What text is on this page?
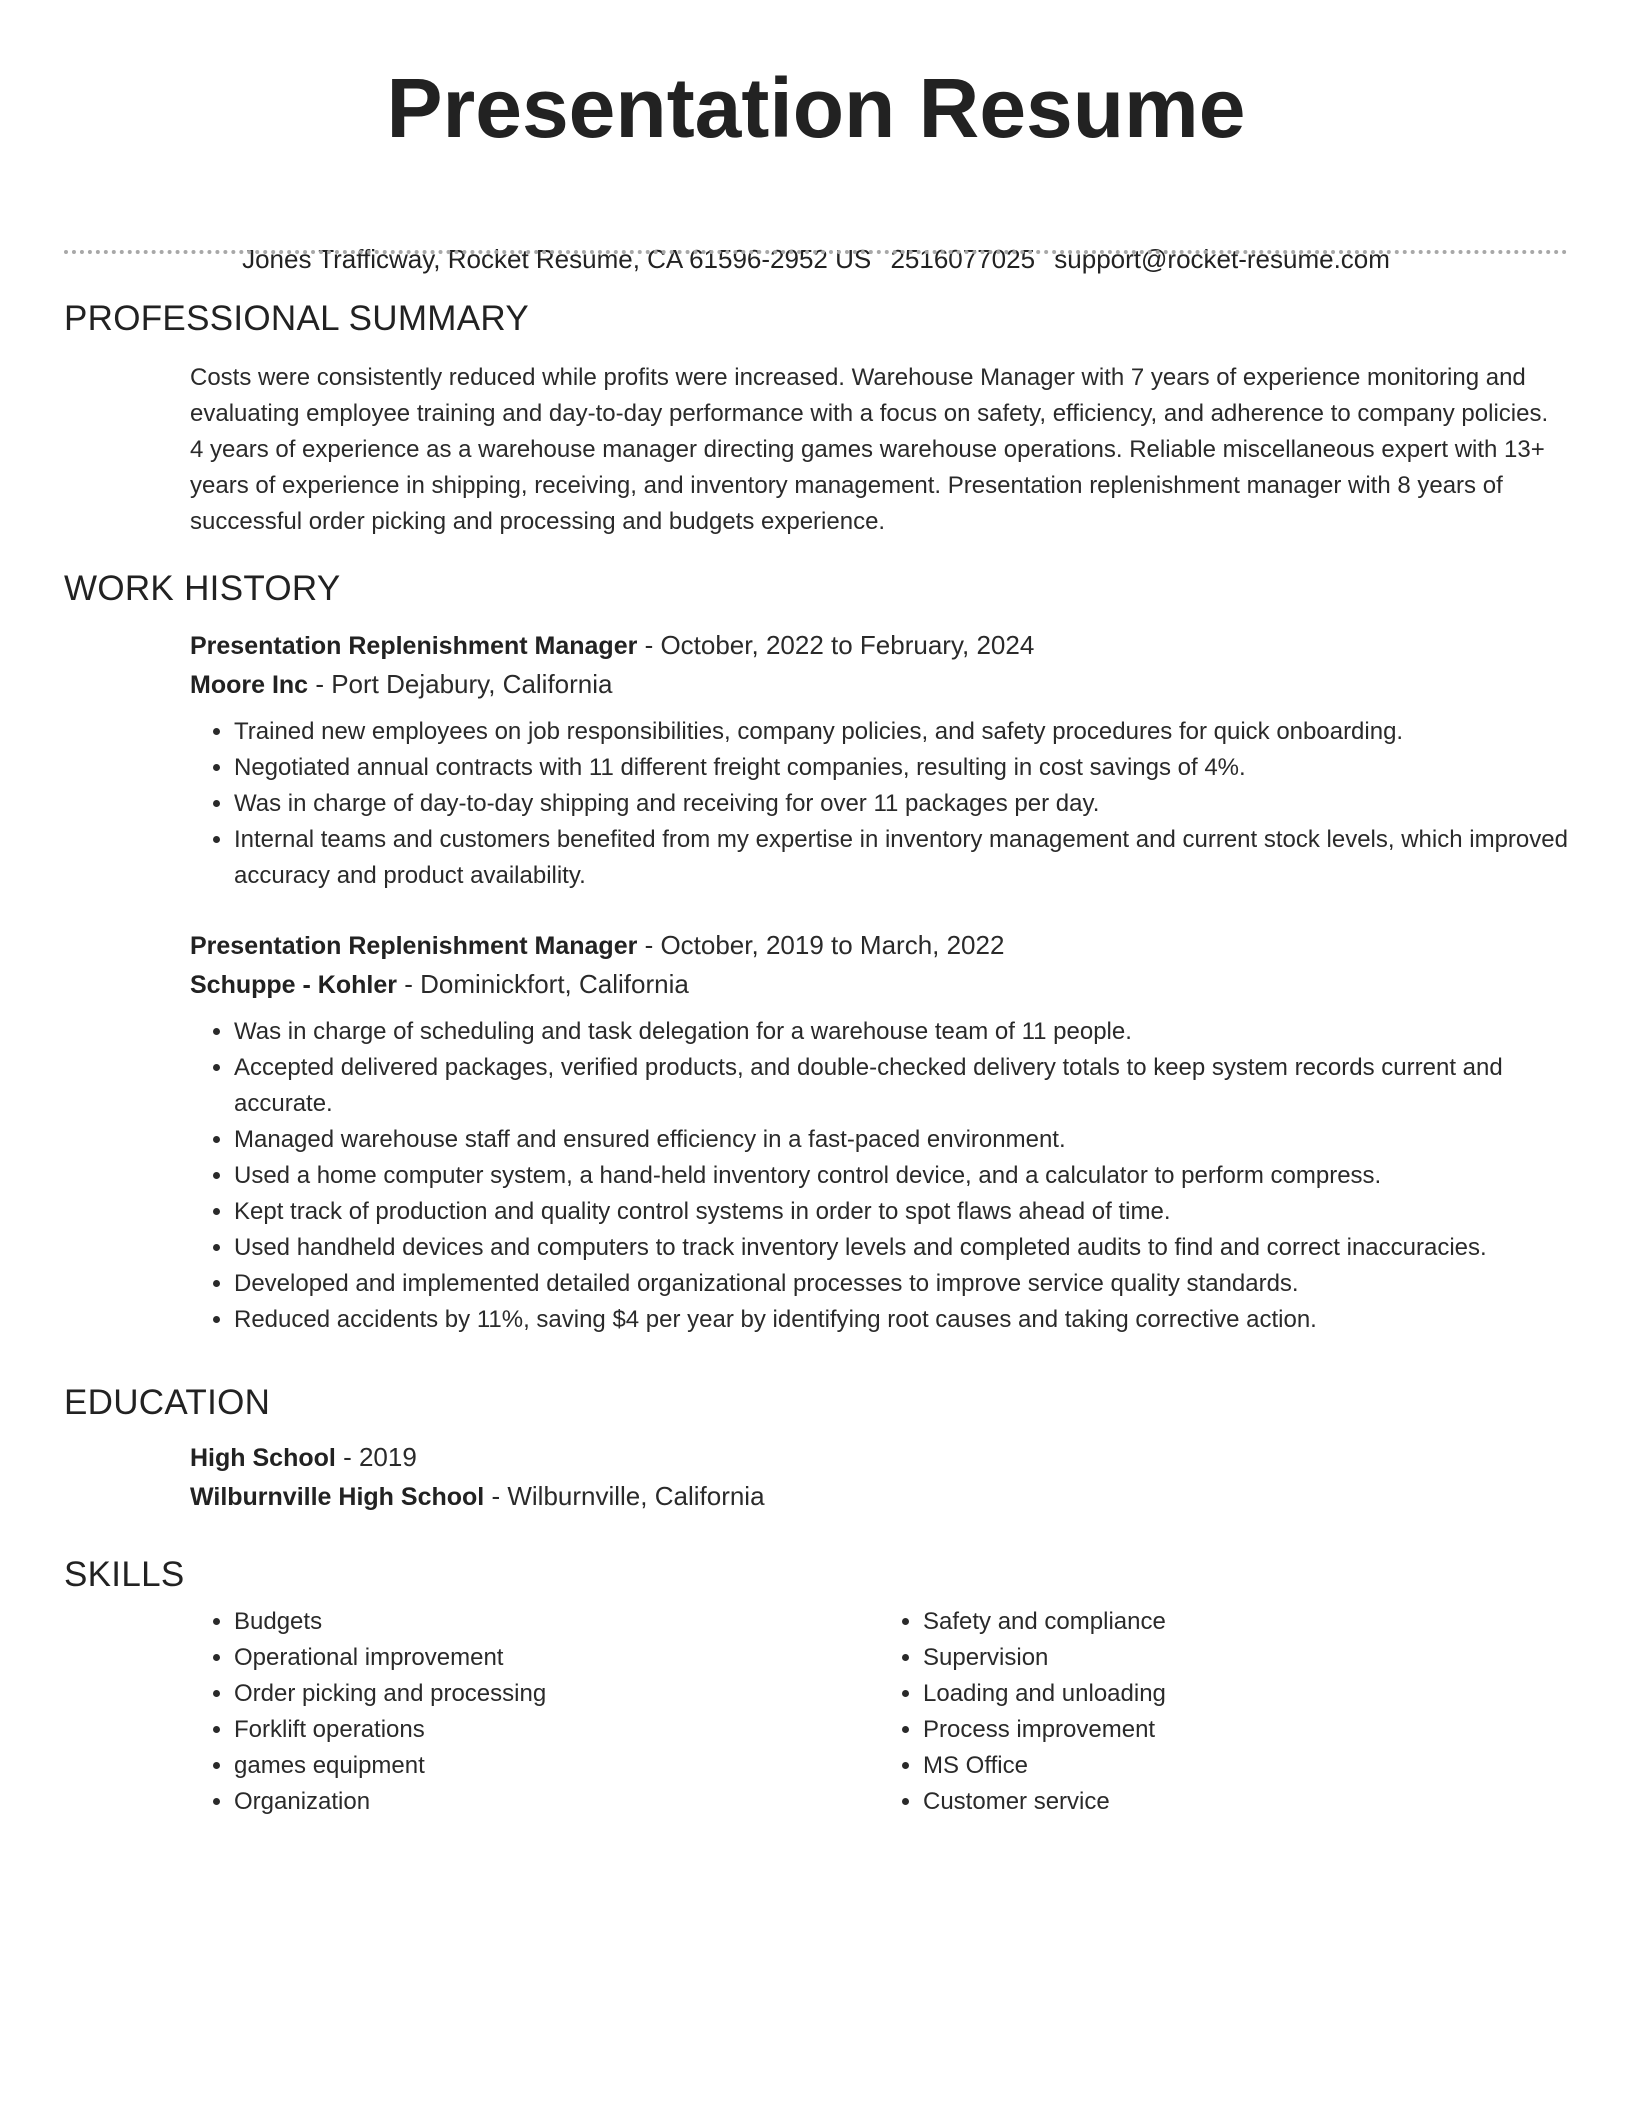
Presentation Resume
Jones Trafficway, Rocket Resume, CA 61596-2952 US 2516077025 support@rocket-resume.com
PROFESSIONAL SUMMARY
Costs were consistently reduced while profits were increased. Warehouse Manager with 7 years of experience monitoring and evaluating employee training and day-to-day performance with a focus on safety, efficiency, and adherence to company policies. 4 years of experience as a warehouse manager directing games warehouse operations. Reliable miscellaneous expert with 13+ years of experience in shipping, receiving, and inventory management. Presentation replenishment manager with 8 years of successful order picking and processing and budgets experience.
WORK HISTORY
Presentation Replenishment Manager - October, 2022 to February, 2024
Moore Inc - Port Dejabury, California
• Trained new employees on job responsibilities, company policies, and safety procedures for quick onboarding.
• Negotiated annual contracts with 11 different freight companies, resulting in cost savings of 4%.
• Was in charge of day-to-day shipping and receiving for over 11 packages per day.
• Internal teams and customers benefited from my expertise in inventory management and current stock levels, which improved accuracy and product availability.
Presentation Replenishment Manager - October, 2019 to March, 2022
Schuppe - Kohler - Dominickfort, California
• Was in charge of scheduling and task delegation for a warehouse team of 11 people.
• Accepted delivered packages, verified products, and double-checked delivery totals to keep system records current and accurate.
• Managed warehouse staff and ensured efficiency in a fast-paced environment.
• Used a home computer system, a hand-held inventory control device, and a calculator to perform compress.
• Kept track of production and quality control systems in order to spot flaws ahead of time.
• Used handheld devices and computers to track inventory levels and completed audits to find and correct inaccuracies.
• Developed and implemented detailed organizational processes to improve service quality standards.
• Reduced accidents by 11%, saving $4 per year by identifying root causes and taking corrective action.
EDUCATION
High School - 2019
Wilburnville High School - Wilburnville, California
SKILLS
• Budgets
• Operational improvement
• Order picking and processing
• Forklift operations
• games equipment
• Organization
• Safety and compliance
• Supervision
• Loading and unloading
• Process improvement
• MS Office
• Customer service
